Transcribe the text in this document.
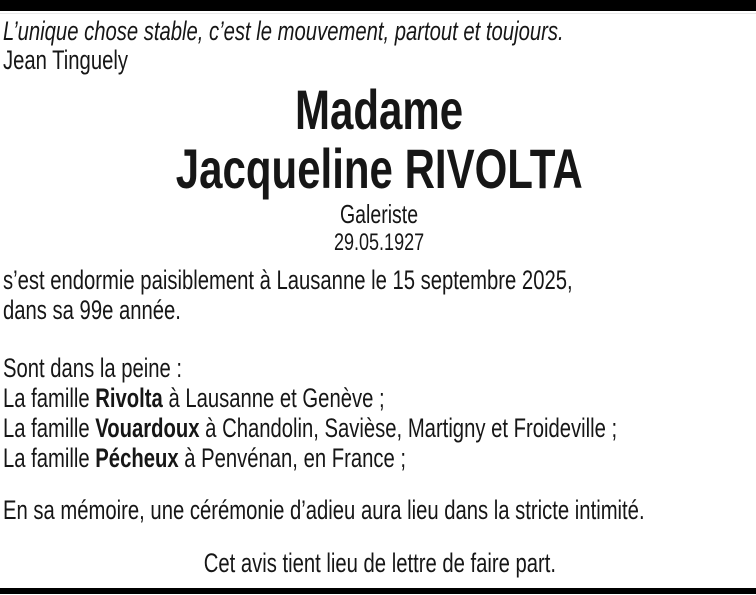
L’unique chose stable, c’est le mouvement, partout et toujours.
Jean Tinguely
Madame
Jacqueline RIVOLTA
Galeriste
29.05.1927
s’est endormie paisiblement à Lausanne le 15 septembre 2025,
dans sa 99e année.
Sont dans la peine :
La famille Rivolta à Lausanne et Genève ;
La famille Vouardoux à Chandolin, Savièse, Martigny et Froideville ;
La famille Pécheux à Penvénan, en France ;
En sa mémoire, une cérémonie d’adieu aura lieu dans la stricte intimité.
Cet avis tient lieu de lettre de faire part.
